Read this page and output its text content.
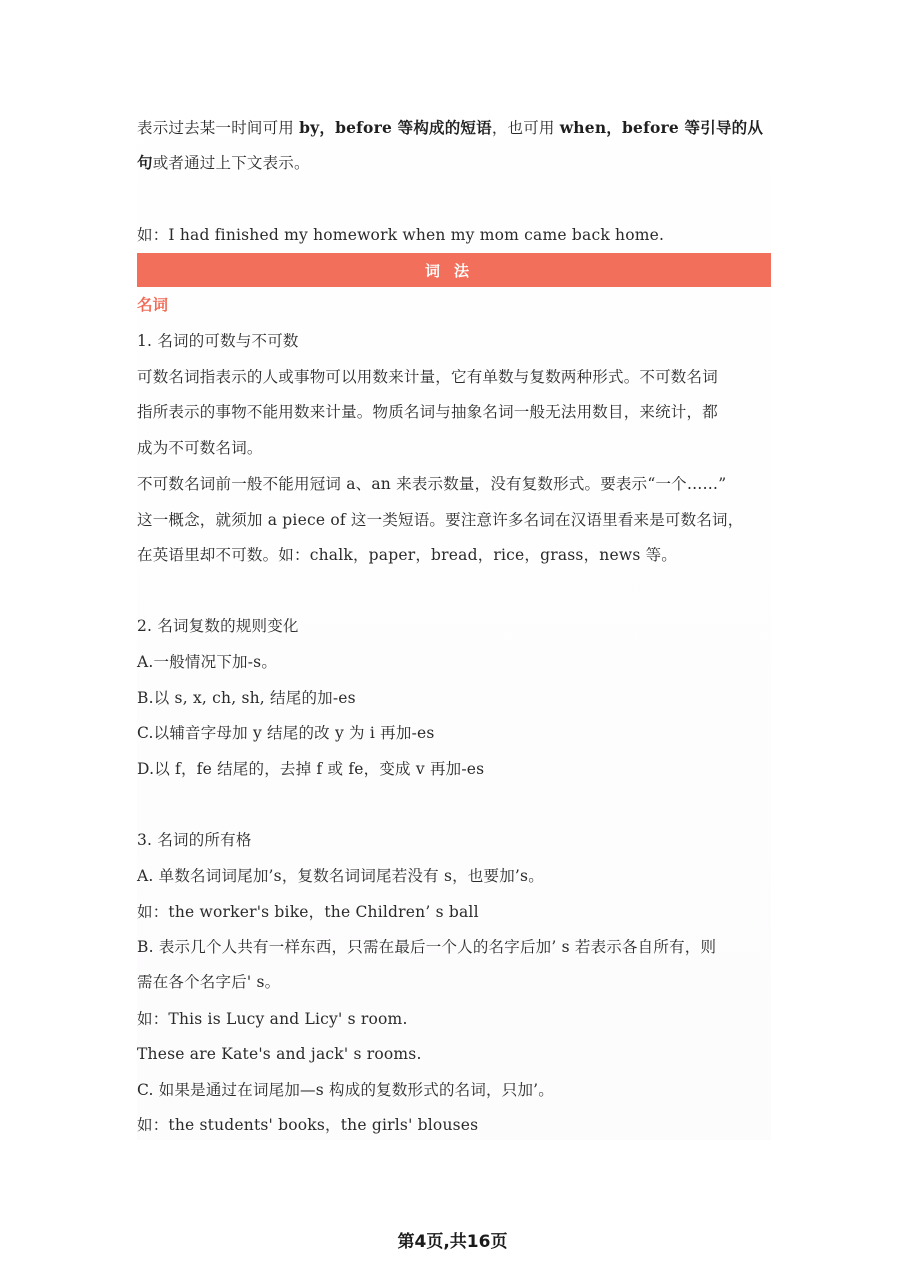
表示过去某一时间可用 by，before 等构成的短语，也可用 when，before 等引导的从
句或者通过上下文表示。
如：I had finished my homework when my mom came back home.
词法
名词
1. 名词的可数与不可数
可数名词指表示的人或事物可以用数来计量，它有单数与复数两种形式。不可数名词
指所表示的事物不能用数来计量。物质名词与抽象名词一般无法用数目，来统计，都
成为不可数名词。
不可数名词前一般不能用冠词 a、an 来表示数量，没有复数形式。要表示“一个……”
这一概念，就须加 a piece of 这一类短语。要注意许多名词在汉语里看来是可数名词，
在英语里却不可数。如：chalk，paper，bread，rice，grass，news 等。
2. 名词复数的规则变化
A.一般情况下加-s。
B.以 s, x, ch, sh, 结尾的加-es
C.以辅音字母加 y 结尾的改 y 为 i 再加-es
D.以 f，fe 结尾的，去掉 f 或 fe，变成 v 再加-es
3. 名词的所有格
A. 单数名词词尾加’s，复数名词词尾若没有 s，也要加’s。
如：the worker's bike，the Children’ s ball
B. 表示几个人共有一样东西，只需在最后一个人的名字后加’ s 若表示各自所有，则
需在各个名字后' s。
如：This is Lucy and Licy' s room.
These are Kate's and jack' s rooms.
C. 如果是通过在词尾加—s 构成的复数形式的名词，只加’。
如：the students' books，the girls' blouses
第4页,共16页
